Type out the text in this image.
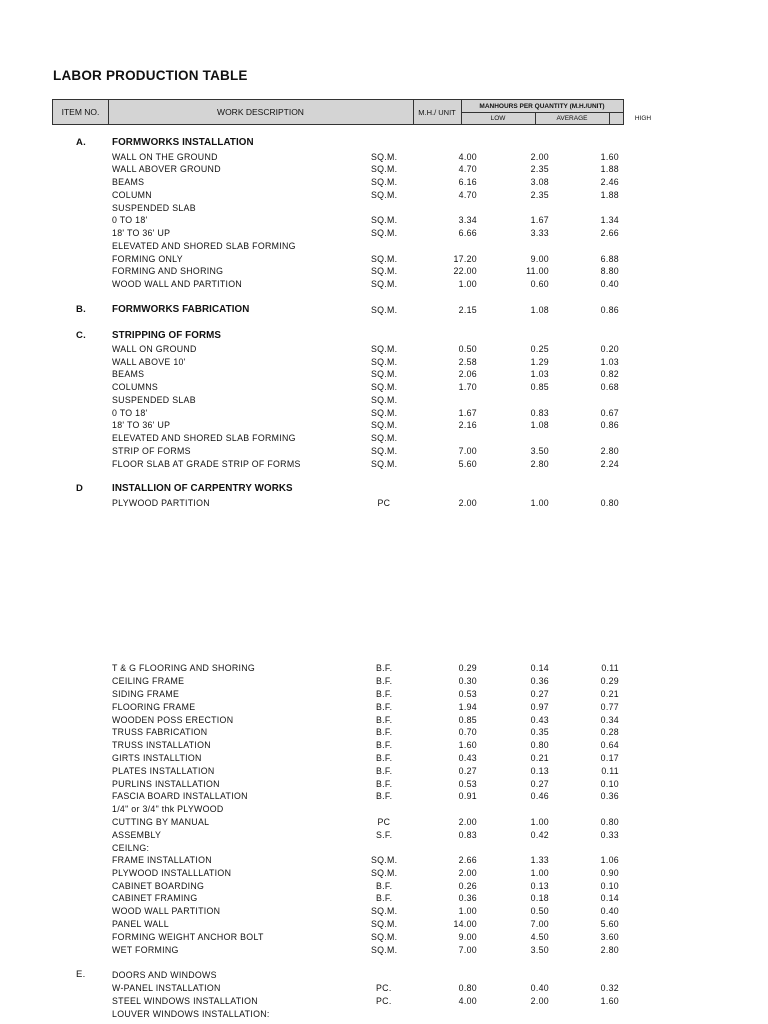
LABOR PRODUCTION TABLE
ITEM NO.	WORK DESCRIPTION	M.H./ UNIT
MANHOURS PER QUANTITY (M.H./UNIT)
LOW	AVERAGE	HIGH
A.	FORMWORKS INSTALLATION
WALL ON THE GROUND	SQ.M.	4.00	2.00	1.60
WALL ABOVER GROUND	SQ.M.	4.70	2.35	1.88
BEAMS	SQ.M.	6.16	3.08	2.46
COLUMN	SQ.M.	4.70	2.35	1.88
SUSPENDED SLAB
0 TO 18'	SQ.M.	3.34	1.67	1.34
18' TO 36' UP	SQ.M.	6.66	3.33	2.66
ELEVATED AND SHORED SLAB FORMING
FORMING ONLY	SQ.M.	17.20	9.00	6.88
FORMING AND SHORING	SQ.M.	22.00	11.00	8.80
WOOD WALL AND PARTITION	SQ.M.	1.00	0.60	0.40
B.	FORMWORKS FABRICATION	SQ.M.	2.15	1.08	0.86
C.	STRIPPING OF FORMS
WALL ON GROUND	SQ.M.	0.50	0.25	0.20
WALL ABOVE 10'	SQ.M.	2.58	1.29	1.03
BEAMS	SQ.M.	2.06	1.03	0.82
COLUMNS	SQ.M.	1.70	0.85	0.68
SUSPENDED SLAB	SQ.M.
0 TO 18'	SQ.M.	1.67	0.83	0.67
18' TO 36' UP	SQ.M.	2.16	1.08	0.86
ELEVATED AND SHORED SLAB FORMING	SQ.M.
STRIP OF FORMS	SQ.M.	7.00	3.50	2.80
FLOOR SLAB AT GRADE STRIP OF FORMS	SQ.M.	5.60	2.80	2.24
D	INSTALLION OF CARPENTRY WORKS
PLYWOOD PARTITION	PC	2.00	1.00	0.80
T & G FLOORING AND SHORING	B.F.	0.29	0.14	0.11
CEILING FRAME	B.F.	0.30	0.36	0.29
SIDING FRAME	B.F.	0.53	0.27	0.21
FLOORING FRAME	B.F.	1.94	0.97	0.77
WOODEN POSS ERECTION	B.F.	0.85	0.43	0.34
TRUSS FABRICATION	B.F.	0.70	0.35	0.28
TRUSS INSTALLATION	B.F.	1.60	0.80	0.64
GIRTS INSTALLTION	B.F.	0.43	0.21	0.17
PLATES INSTALLATION	B.F.	0.27	0.13	0.11
PURLINS INSTALLATION	B.F.	0.53	0.27	0.10
FASCIA BOARD INSTALLATION	B.F.	0.91	0.46	0.36
1/4" or 3/4" thk PLYWOOD
CUTTING BY MANUAL	PC	2.00	1.00	0.80
ASSEMBLY	S.F.	0.83	0.42	0.33
CEILNG:
FRAME INSTALLATION	SQ.M.	2.66	1.33	1.06
PLYWOOD INSTALLLATION	SQ.M.	2.00	1.00	0.90
CABINET BOARDING	B.F.	0.26	0.13	0.10
CABINET FRAMING	B.F.	0.36	0.18	0.14
WOOD WALL PARTITION	SQ.M.	1.00	0.50	0.40
PANEL WALL	SQ.M.	14.00	7.00	5.60
FORMING WEIGHT ANCHOR BOLT	SQ.M.	9.00	4.50	3.60
WET FORMING	SQ.M.	7.00	3.50	2.80
E.	DOORS AND WINDOWS
W-PANEL INSTALLATION	PC.	0.80	0.40	0.32
STEEL WINDOWS INSTALLATION	PC.	4.00	2.00	1.60
LOUVER WINDOWS INSTALLATION:
